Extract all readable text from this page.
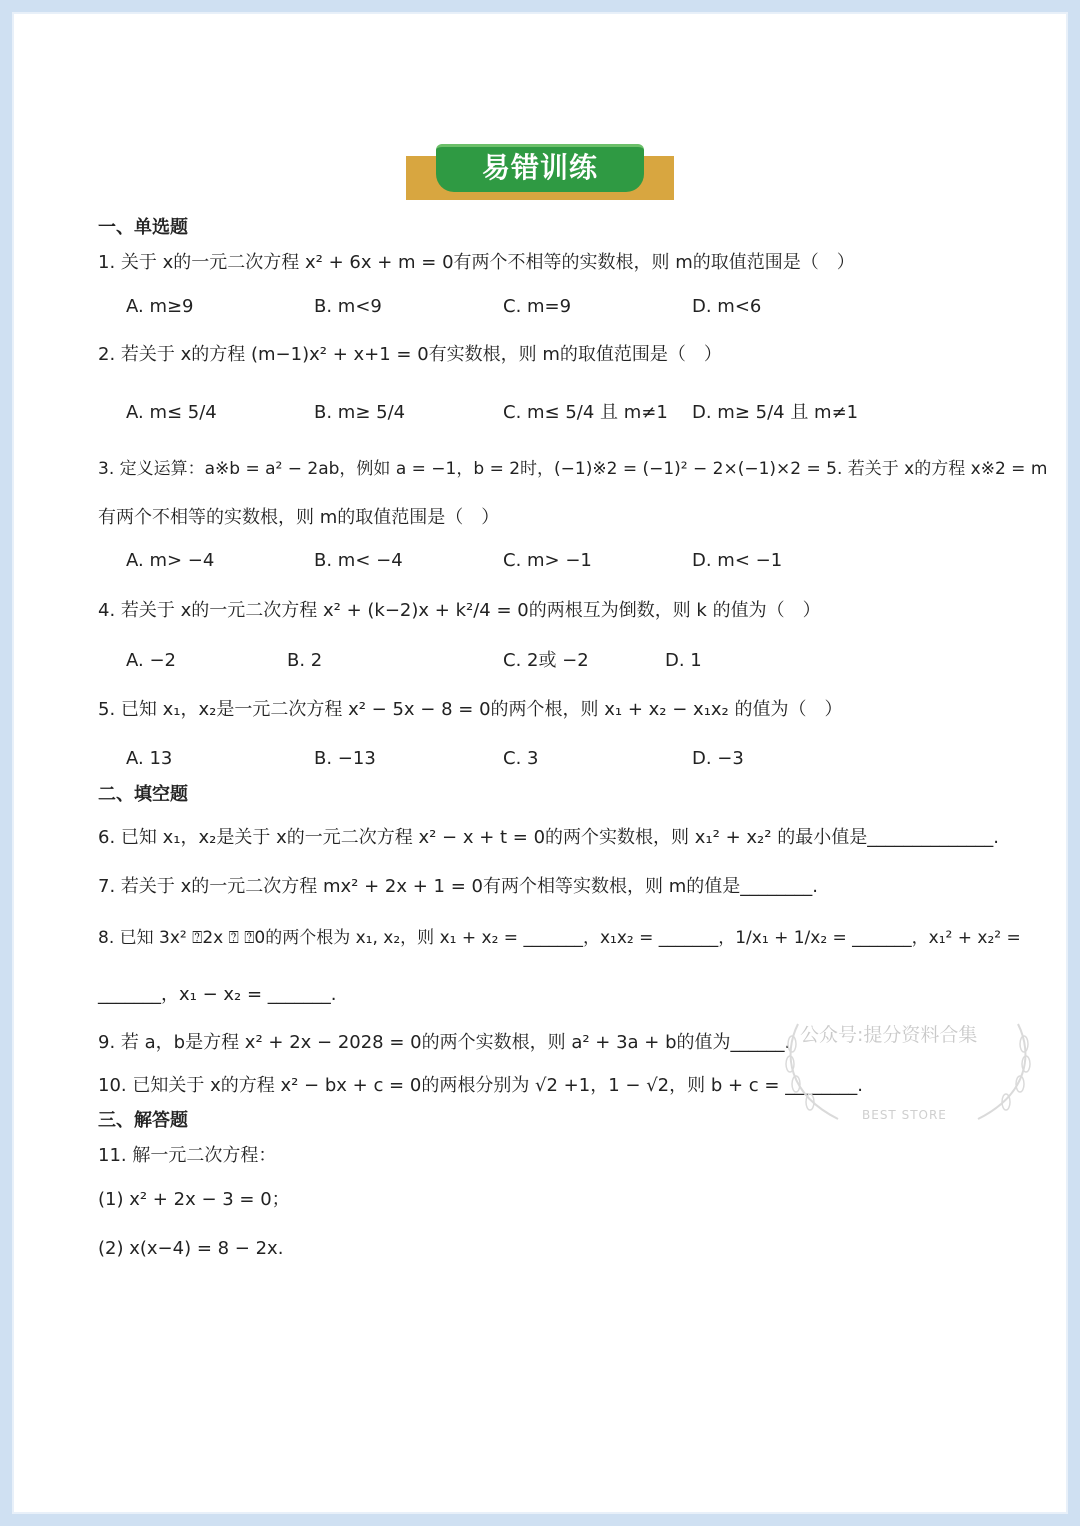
易错训练
一、单选题
1. 关于 x的一元二次方程 x² + 6x + m = 0有两个不相等的实数根，则 m的取值范围是（　）
A. m≥9	B. m<9	C. m=9	D. m<6
2. 若关于 x的方程 (m−1)x² + x+1 = 0有实数根，则 m的取值范围是（　）
A. m≤ 5/4	B. m≥ 5/4	C. m≤ 5/4 且 m≠1 D. m≥ 5/4 且 m≠1
3. 定义运算：a※b = a² − 2ab，例如 a = −1，b = 2时，(−1)※2 = (−1)² − 2×(−1)×2 = 5. 若关于 x的方程 x※2 = m
有两个不相等的实数根，则 m的取值范围是（　）
A. m> −4	B. m< −4	C. m> −1	D. m< −1
4. 若关于 x的一元二次方程 x² + (k−2)x + k²/4 = 0的两根互为倒数，则 k 的值为（　）
A. −2	B. 2	C. 2或 −2	D. 1
5. 已知 x₁，x₂是一元二次方程 x² − 5x − 8 = 0的两个根，则 x₁ + x₂ − x₁x₂ 的值为（　）
A. 13	B. −13	C. 3	D. −3
二、填空题
6. 已知 x₁，x₂是关于 x的一元二次方程 x² − x + t = 0的两个实数根，则 x₁² + x₂² 的最小值是______________.
7. 若关于 x的一元二次方程 mx² + 2x + 1 = 0有两个相等实数根，则 m的值是________.
8. 已知 3x² ⍰2x ⍰ ⍰0的两个根为 x₁, x₂，则 x₁ + x₂ = _______，x₁x₂ = _______，1/x₁ + 1/x₂ = _______，x₁² + x₂² =
_______，x₁ − x₂ = _______.
9. 若 a，b是方程 x² + 2x − 2028 = 0的两个实数根，则 a² + 3a + b的值为______.
10. 已知关于 x的方程 x² − bx + c = 0的两根分别为 √2 +1，1 − √2，则 b + c = ________.
三、解答题
11. 解一元二次方程：
(1) x² + 2x − 3 = 0；
(2) x(x−4) = 8 − 2x.
公众号:提分资料合集
BEST STORE
